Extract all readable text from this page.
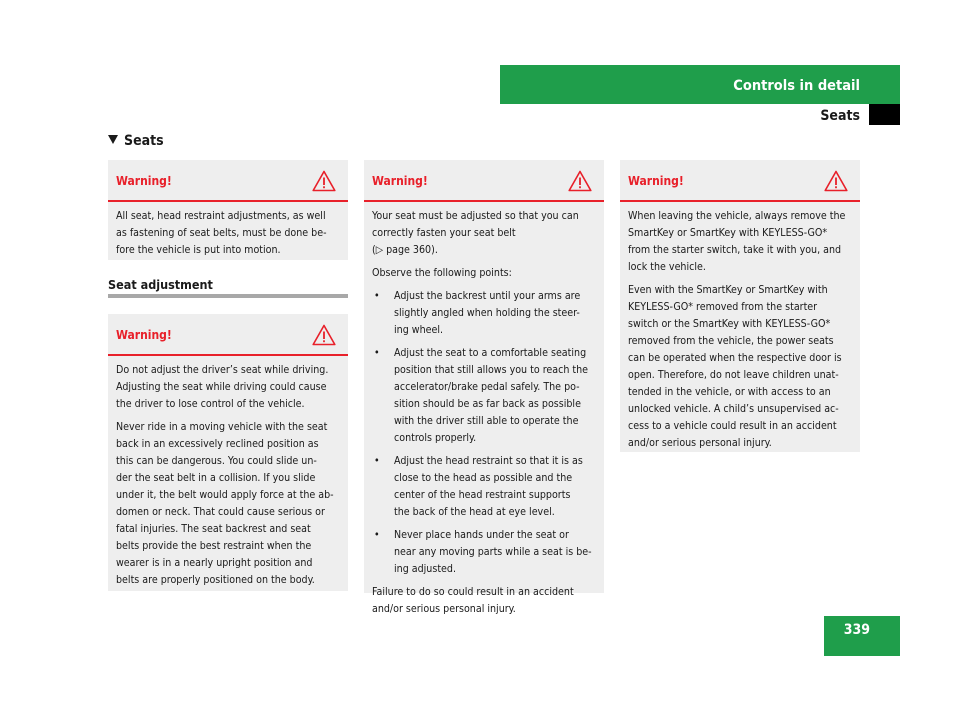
Controls in detail
Seats
Seats
Warning!

All seat, head restraint adjustments, as well
as fastening of seat belts, must be done be-
fore the vehicle is put into motion.

Seat adjustment
Warning!

Do not adjust the driver’s seat while driving.
Adjusting the seat while driving could cause
the driver to lose control of the vehicle.

Never ride in a moving vehicle with the seat
back in an excessively reclined position as
this can be dangerous. You could slide un-
der the seat belt in a collision. If you slide
under it, the belt would apply force at the ab-
domen or neck. That could cause serious or
fatal injuries. The seat backrest and seat
belts provide the best restraint when the
wearer is in a nearly upright position and
belts are properly positioned on the body.

Warning!

Your seat must be adjusted so that you can
correctly fasten your seat belt
(▷ page 360).

Observe the following points:

• Adjust the backrest until your arms are
slightly angled when holding the steer-
ing wheel.
• Adjust the seat to a comfortable seating
position that still allows you to reach the
accelerator/brake pedal safely. The po-
sition should be as far back as possible
with the driver still able to operate the
controls properly.
• Adjust the head restraint so that it is as
close to the head as possible and the
center of the head restraint supports
the back of the head at eye level.
• Never place hands under the seat or
near any moving parts while a seat is be-
ing adjusted.

Failure to do so could result in an accident
and/or serious personal injury.

Warning!

When leaving the vehicle, always remove the
SmartKey or SmartKey with KEYLESS-GO*
from the starter switch, take it with you, and
lock the vehicle.

Even with the SmartKey or SmartKey with
KEYLESS-GO* removed from the starter
switch or the SmartKey with KEYLESS-GO*
removed from the vehicle, the power seats
can be operated when the respective door is
open. Therefore, do not leave children unat-
tended in the vehicle, or with access to an
unlocked vehicle. A child’s unsupervised ac-
cess to a vehicle could result in an accident
and/or serious personal injury.

339
